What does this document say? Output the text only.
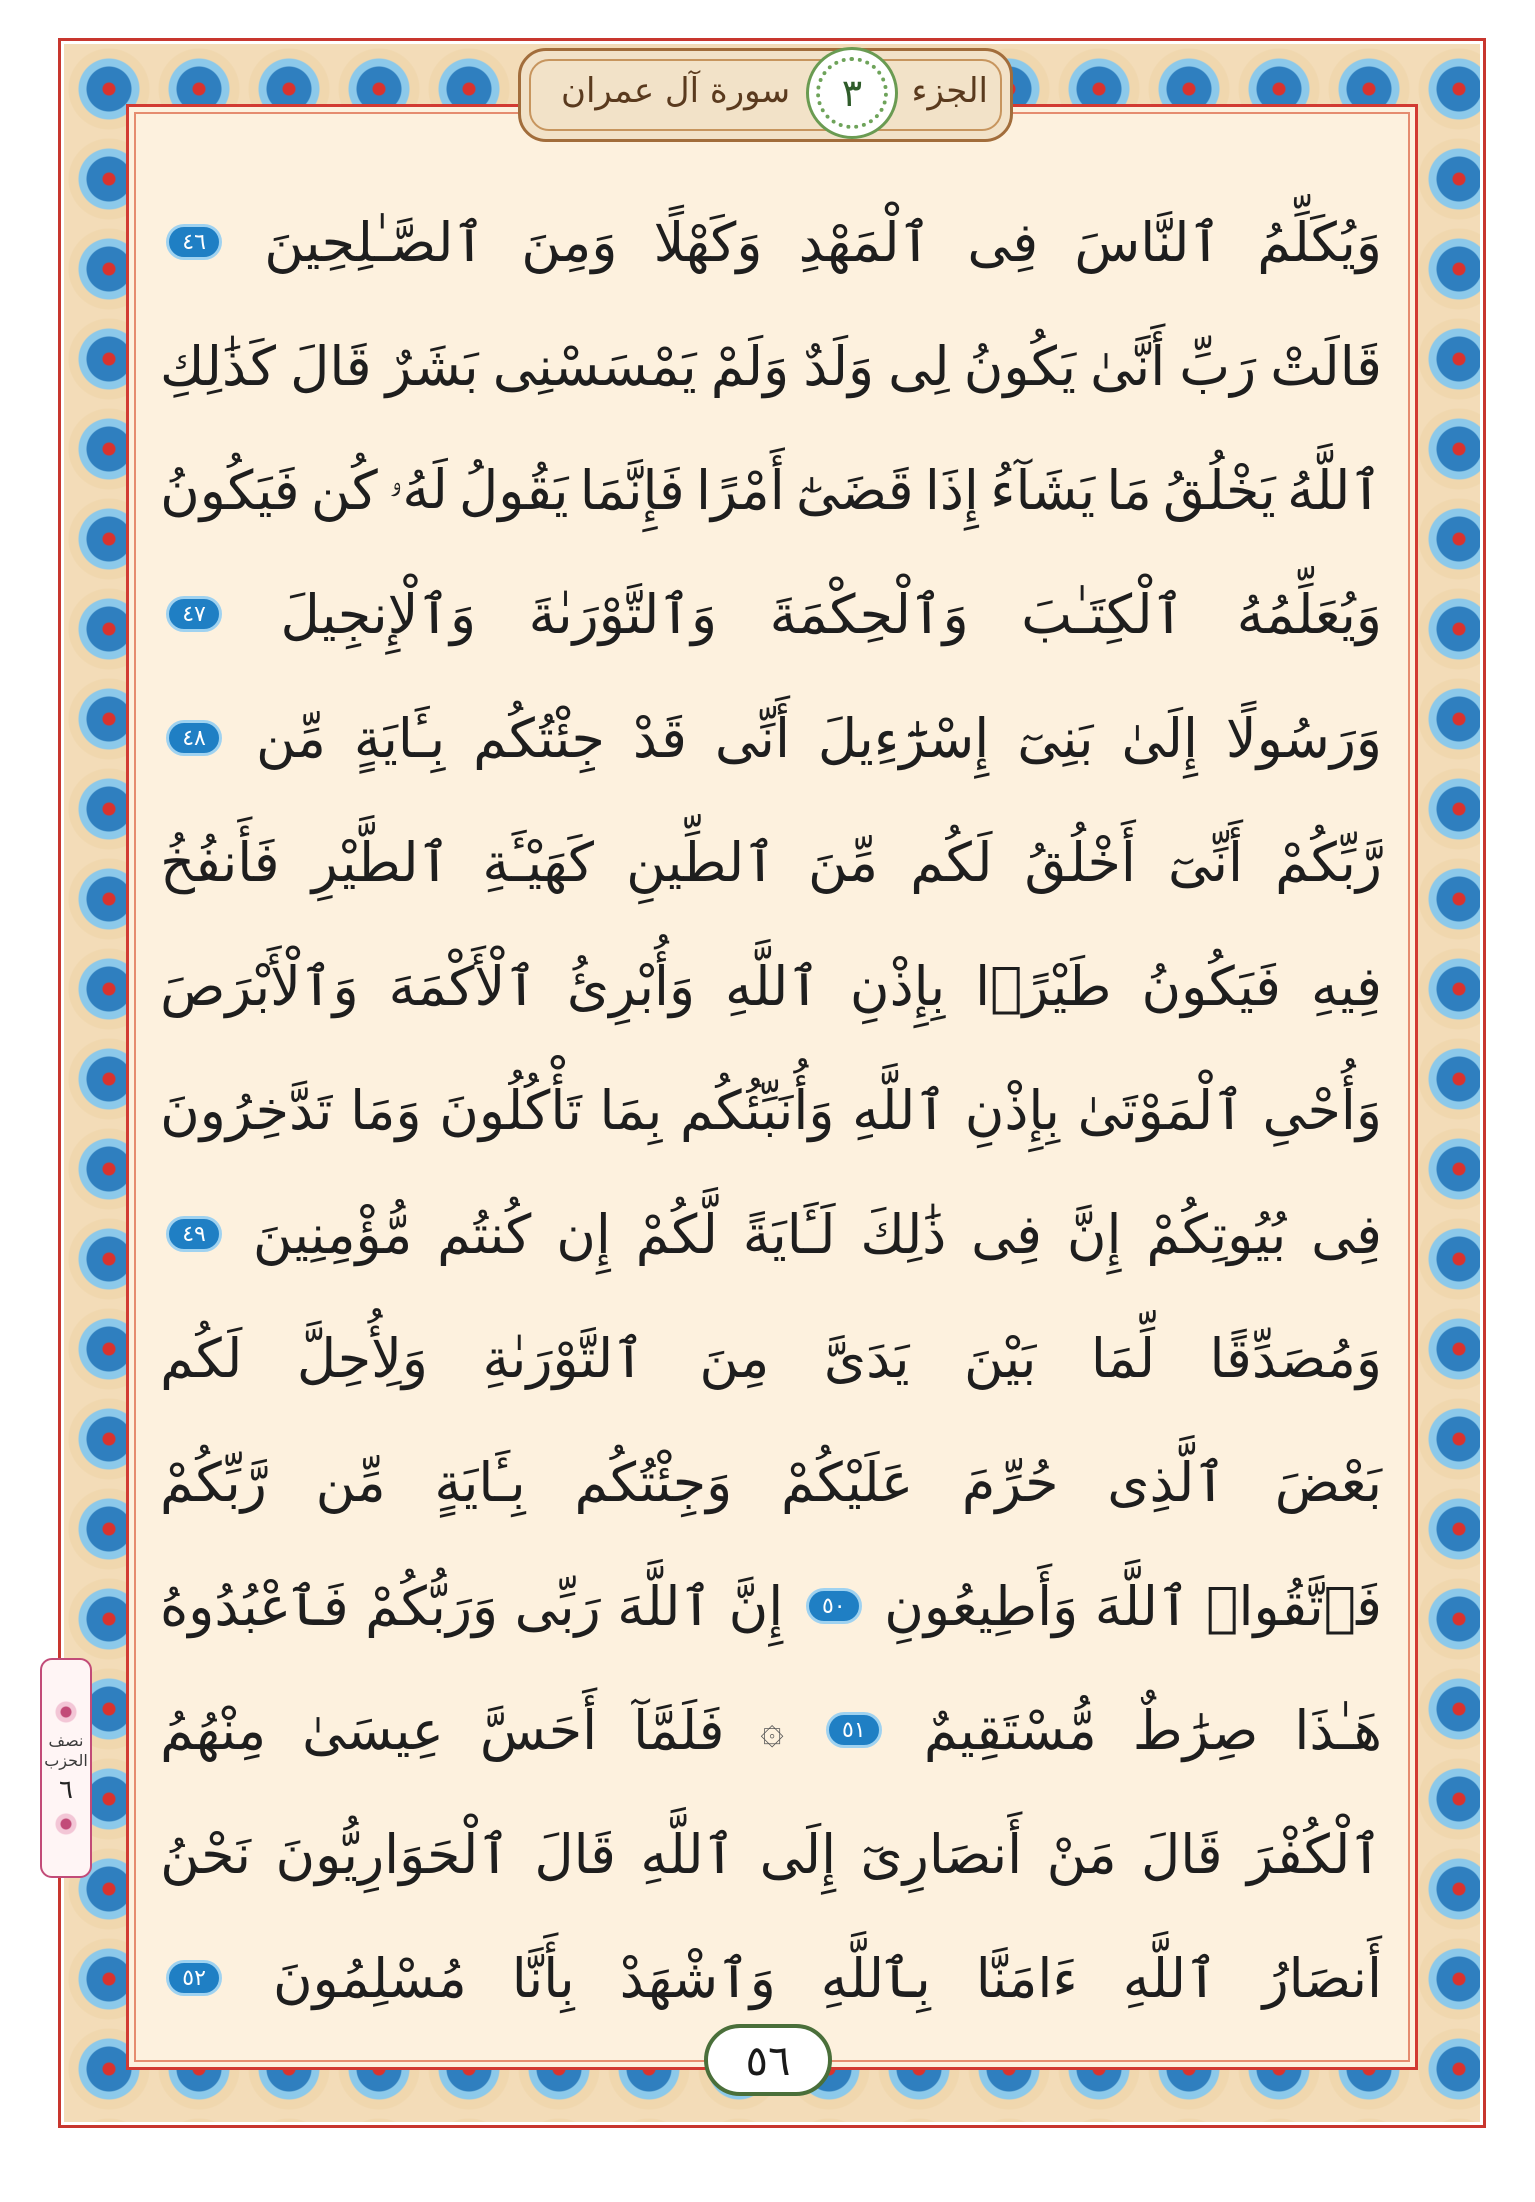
الجزء
٣
سورة آل عمران
وَيُكَلِّمُ
ٱلنَّاسَ
فِى
ٱلْمَهْدِ
وَكَهْلًا
وَمِنَ
ٱلصَّـٰلِحِينَ
٤٦
قَالَتْ
رَبِّ
أَنَّىٰ
يَكُونُ
لِى
وَلَدٌ
وَلَمْ
يَمْسَسْنِى
بَشَرٌ
قَالَ
كَذَٰلِكِ
ٱللَّهُ
يَخْلُقُ
مَا
يَشَآءُ
إِذَا
قَضَىٰٓ
أَمْرًا
فَإِنَّمَا
يَقُولُ
لَهُۥ
كُن
فَيَكُونُ
وَيُعَلِّمُهُ
ٱلْكِتَـٰبَ
وَٱلْحِكْمَةَ
وَٱلتَّوْرَىٰةَ
وَٱلْإِنجِيلَ
٤٧
وَرَسُولًا
إِلَىٰ
بَنِىٓ
إِسْرَٰٓءِيلَ
أَنِّى
قَدْ
جِئْتُكُم
بِـَٔايَةٍ
مِّن
٤٨
رَّبِّكُمْ
أَنِّىٓ
أَخْلُقُ
لَكُم
مِّنَ
ٱلطِّينِ
كَهَيْـَٔةِ
ٱلطَّيْرِ
فَأَنفُخُ
فِيهِ
فَيَكُونُ
طَيْرًۢا
بِإِذْنِ
ٱللَّهِ
وَأُبْرِئُ
ٱلْأَكْمَهَ
وَٱلْأَبْرَصَ
وَأُحْىِ
ٱلْمَوْتَىٰ
بِإِذْنِ
ٱللَّهِ
وَأُنَبِّئُكُم
بِمَا
تَأْكُلُونَ
وَمَا
تَدَّخِرُونَ
فِى
بُيُوتِكُمْ
إِنَّ
فِى
ذَٰلِكَ
لَـَٔايَةً
لَّكُمْ
إِن
كُنتُم
مُّؤْمِنِينَ
٤٩
وَمُصَدِّقًا
لِّمَا
بَيْنَ
يَدَىَّ
مِنَ
ٱلتَّوْرَىٰةِ
وَلِأُحِلَّ
لَكُم
بَعْضَ
ٱلَّذِى
حُرِّمَ
عَلَيْكُمْ
وَجِئْتُكُم
بِـَٔايَةٍ
مِّن
رَّبِّكُمْ
فَٱتَّقُوا۟
ٱللَّهَ
وَأَطِيعُونِ
٥٠
إِنَّ
ٱللَّهَ
رَبِّى
وَرَبُّكُمْ
فَٱعْبُدُوهُ
هَـٰذَا
صِرَٰطٌ
مُّسْتَقِيمٌ
٥١
۞
فَلَمَّآ
أَحَسَّ
عِيسَىٰ
مِنْهُمُ
ٱلْكُفْرَ
قَالَ
مَنْ
أَنصَارِىٓ
إِلَى
ٱللَّهِ
قَالَ
ٱلْحَوَارِيُّونَ
نَحْنُ
أَنصَارُ
ٱللَّهِ
ءَامَنَّا
بِٱللَّهِ
وَٱشْهَدْ
بِأَنَّا
مُسْلِمُونَ
٥٢
نصف
الحزب
٦
٥٦
